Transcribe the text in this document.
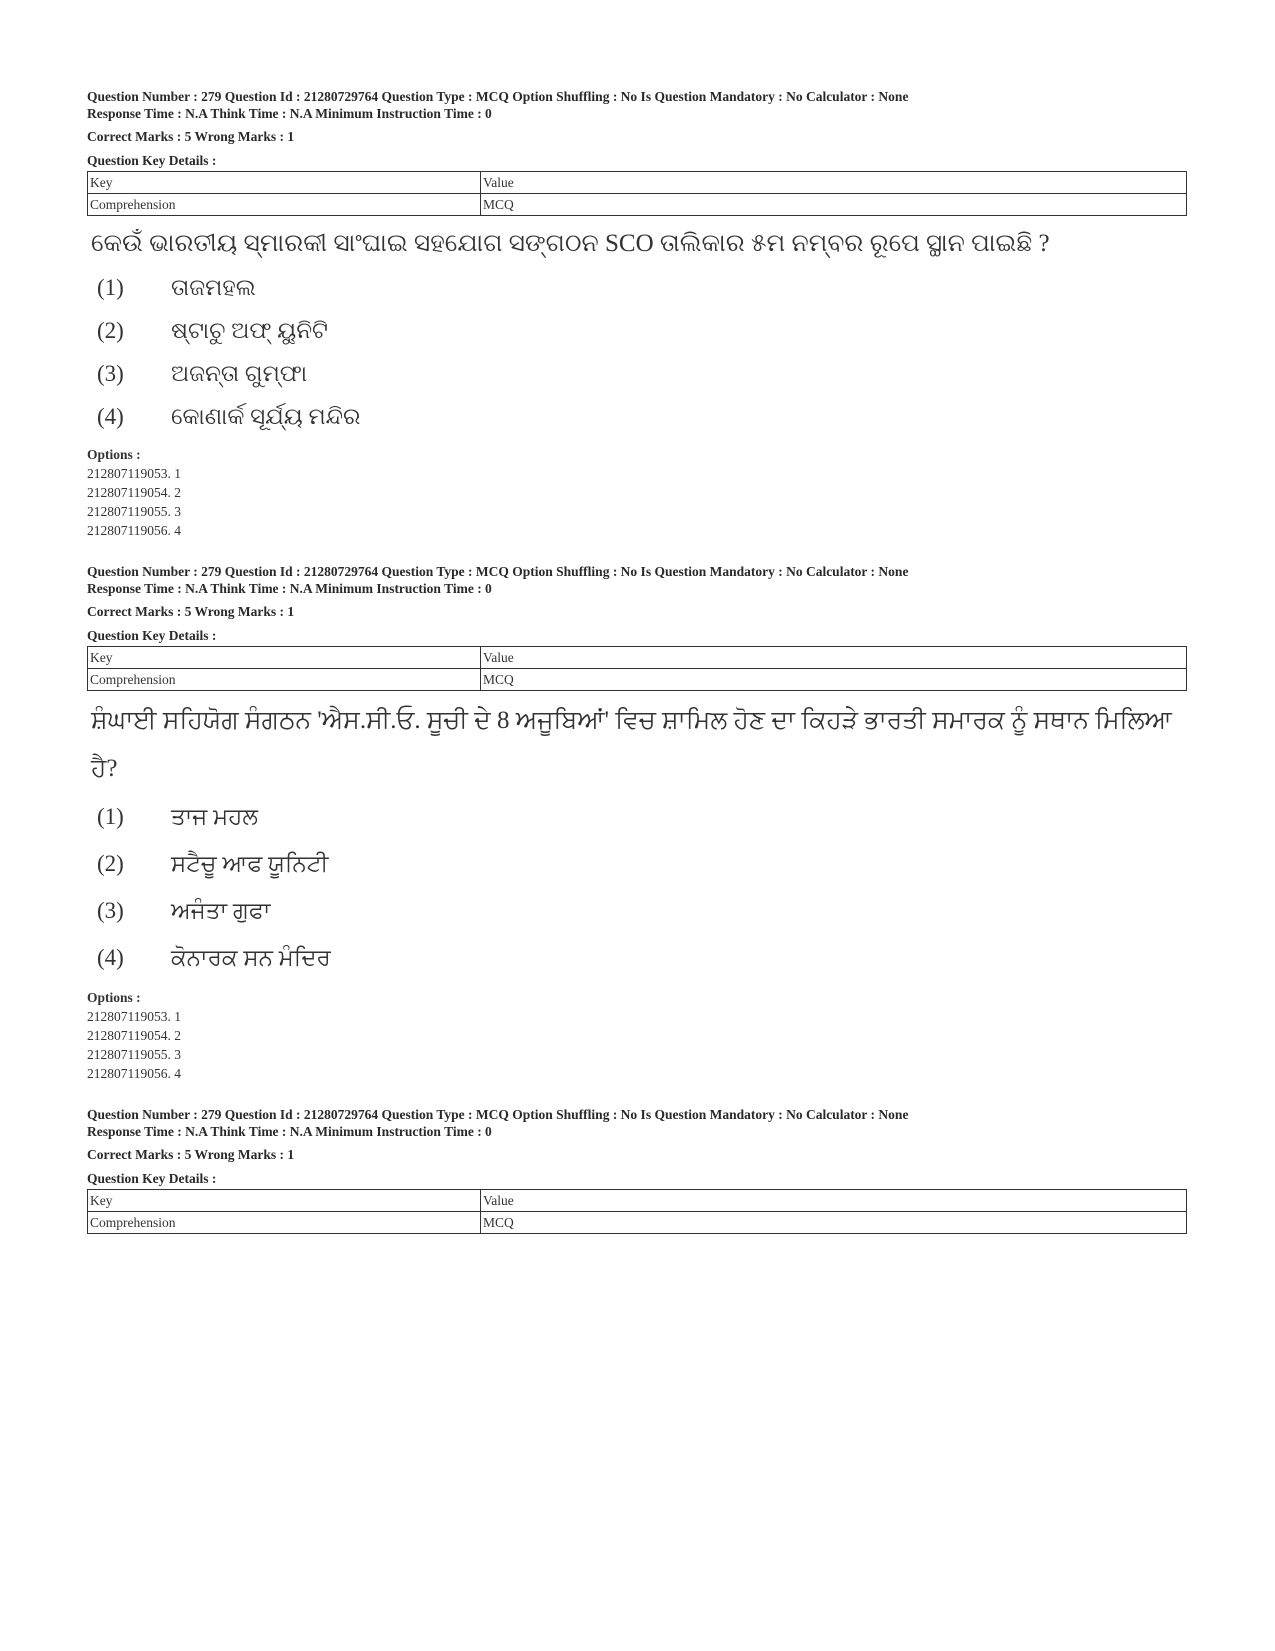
Question Number : 279 Question Id : 21280729764 Question Type : MCQ Option Shuffling : No Is Question Mandatory : No Calculator : None

Response Time : N.A Think Time : N.A Minimum Instruction Time : 0

Correct Marks : 5 Wrong Marks : 1

Question Key Details :

Key	Value
Comprehension	MCQ
କେଉଁ ଭାରତୀୟ ସ୍ମାରକୀ ସାଂଘାଇ ସହଯୋଗ ସଙ୍ଗଠନ SCO ତାଲିକାର ୫ମ ନମ୍ବର ରୂପେ ସ୍ଥାନ ପାଇଛି ?
(1)	ତାଜମହଲ
(2)	ଷ୍ଟାଚୁ ଅଫ୍ ୟୁନିଟି
(3)	ଅଜନ୍ତା ଗୁମ୍ଫା
(4)	କୋଣାର୍କ ସୂର୍ଯ୍ୟ ମନ୍ଦିର
Options :
212807119053. 1
212807119054. 2
212807119055. 3
212807119056. 4

Question Number : 279 Question Id : 21280729764 Question Type : MCQ Option Shuffling : No Is Question Mandatory : No Calculator : None

Response Time : N.A Think Time : N.A Minimum Instruction Time : 0

Correct Marks : 5 Wrong Marks : 1

Question Key Details :

Key	Value
Comprehension	MCQ
ਸ਼ੰਘਾਈ ਸਹਿਯੋਗ ਸੰਗਠਨ 'ਐਸ.ਸੀ.ਓ. ਸੂਚੀ ਦੇ 8 ਅਜੂਬਿਆਂ' ਵਿਚ ਸ਼ਾਮਿਲ ਹੋਣ ਦਾ ਕਿਹੜੇ ਭਾਰਤੀ ਸਮਾਰਕ ਨੂੰ ਸਥਾਨ ਮਿਲਿਆ ਹੈ?
(1)	ਤਾਜ ਮਹਲ
(2)	ਸਟੈਚੂ ਆਫ ਯੂਨਿਟੀ
(3)	ਅਜੰਤਾ ਗੁਫਾ
(4)	ਕੋਨਾਰਕ ਸਨ ਮੰਦਿਰ
Options :
212807119053. 1
212807119054. 2
212807119055. 3
212807119056. 4

Question Number : 279 Question Id : 21280729764 Question Type : MCQ Option Shuffling : No Is Question Mandatory : No Calculator : None

Response Time : N.A Think Time : N.A Minimum Instruction Time : 0

Correct Marks : 5 Wrong Marks : 1

Question Key Details :

Key	Value
Comprehension	MCQ
